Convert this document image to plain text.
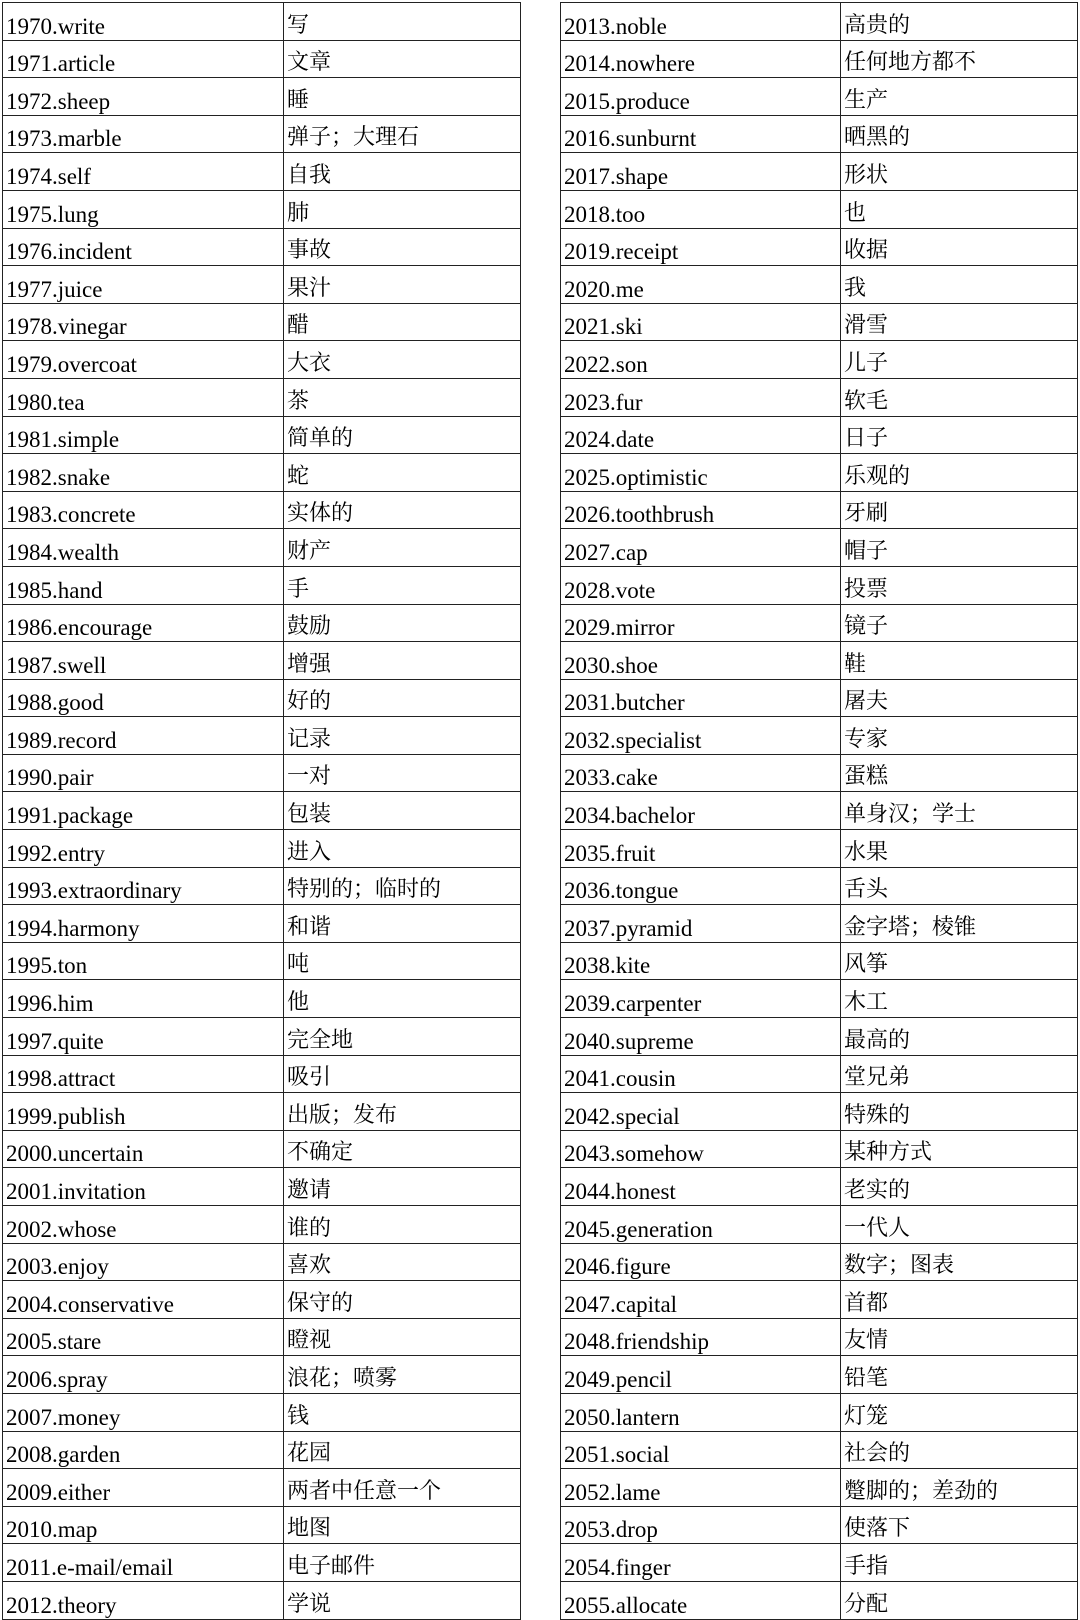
1970.write	写
1971.article	文章
1972.sheep	睡
1973.marble	弹子；大理石
1974.self	自我
1975.lung	肺
1976.incident	事故
1977.juice	果汁
1978.vinegar	醋
1979.overcoat	大衣
1980.tea	茶
1981.simple	简单的
1982.snake	蛇
1983.concrete	实体的
1984.wealth	财产
1985.hand	手
1986.encourage	鼓励
1987.swell	增强
1988.good	好的
1989.record	记录
1990.pair	一对
1991.package	包装
1992.entry	进入
1993.extraordinary	特别的；临时的
1994.harmony	和谐
1995.ton	吨
1996.him	他
1997.quite	完全地
1998.attract	吸引
1999.publish	出版；发布
2000.uncertain	不确定
2001.invitation	邀请
2002.whose	谁的
2003.enjoy	喜欢
2004.conservative	保守的
2005.stare	瞪视
2006.spray	浪花；喷雾
2007.money	钱
2008.garden	花园
2009.either	两者中任意一个
2010.map	地图
2011.e-mail/email	电子邮件
2012.theory	学说
2013.noble	高贵的
2014.nowhere	任何地方都不
2015.produce	生产
2016.sunburnt	晒黑的
2017.shape	形状
2018.too	也
2019.receipt	收据
2020.me	我
2021.ski	滑雪
2022.son	儿子
2023.fur	软毛
2024.date	日子
2025.optimistic	乐观的
2026.toothbrush	牙刷
2027.cap	帽子
2028.vote	投票
2029.mirror	镜子
2030.shoe	鞋
2031.butcher	屠夫
2032.specialist	专家
2033.cake	蛋糕
2034.bachelor	单身汉；学士
2035.fruit	水果
2036.tongue	舌头
2037.pyramid	金字塔；棱锥
2038.kite	风筝
2039.carpenter	木工
2040.supreme	最高的
2041.cousin	堂兄弟
2042.special	特殊的
2043.somehow	某种方式
2044.honest	老实的
2045.generation	一代人
2046.figure	数字；图表
2047.capital	首都
2048.friendship	友情
2049.pencil	铅笔
2050.lantern	灯笼
2051.social	社会的
2052.lame	蹩脚的；差劲的
2053.drop	使落下
2054.finger	手指
2055.allocate	分配
